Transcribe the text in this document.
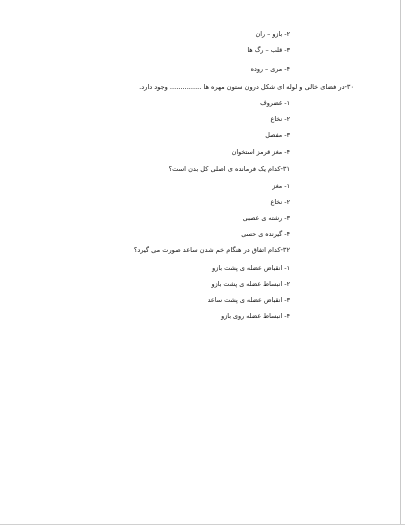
۲- بازو – ران
۳- قلب – رگ ها
۴- مری – روده
۳۰-در فضای خالی و لوله ای شکل درون ستون مهره ها ............... وجود دارد.
۱- غضروف
۲- نخاع
۳- مفصل
۴- مغز قرمز استخوان
۳۱-کدام یک فرمانده ی اصلی کل بدن است؟
۱- مغز
۲- نخاع
۳- رشته ی عصبی
۴- گیرنده ی حسی
۳۲-کدام اتفاق در هنگام خم شدن ساعد صورت می گیرد؟
۱- انقباض عضله ی پشت بازو
۲- انبساط عضله ی پشت بازو
۳- انقباض عضله ی پشت ساعد
۴- انبساط عضله روی بازو
